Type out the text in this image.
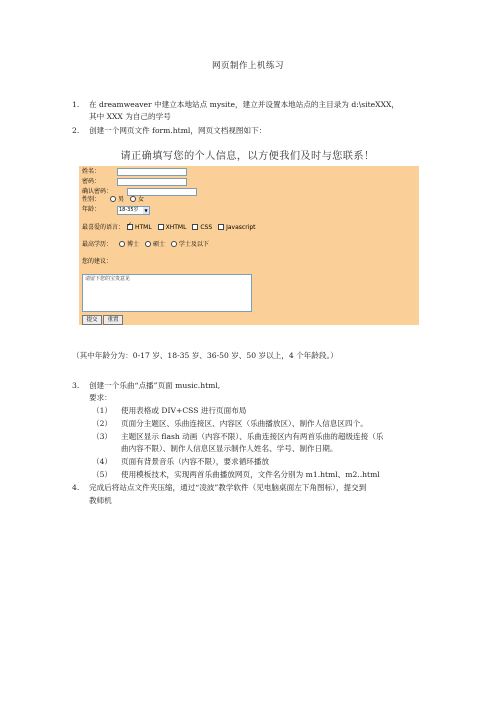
网页制作上机练习
1. 在 dreamweaver 中建立本地站点 mysite，建立并设置本地站点的主目录为 d:\siteXXX，
其中 XXX 为自己的学号
2. 创建一个网页文件 form.html，网页文档视图如下：
请正确填写您的个人信息，以方便我们及时与您联系！
姓名：
密码：
确认密码：
性别：	男 女
年龄：	18-35岁	▼
最喜爱的语言：
✓	HTML XHTML CSS Javascript
最高学历：	博士 硕士 学士及以下
您的建议：
请留下您的宝贵意见
提交	重置
（其中年龄分为：0-17 岁、18-35 岁、36-50 岁、50 岁以上，4 个年龄段。）
3. 创建一个乐曲“点播”页面 music.html,
要求：
（1） 使用表格或 DIV+CSS 进行页面布局
（2） 页面分主题区、乐曲连接区、内容区（乐曲播放区）、制作人信息区四个。
（3） 主题区显示 flash 动画（内容不限）、乐曲连接区内有两首乐曲的超级连接（乐
曲内容不限）、制作人信息区显示制作人姓名、学号、制作日期。
（4） 页面有背景音乐（内容不限），要求循环播放
（5） 使用模板技术，实现两首乐曲播放网页，文件名分别为 m1.html、m2..html
4. 完成后将站点文件夹压缩，通过“凌波”教学软件（见电脑桌面左下角图标），提交到
教师机
